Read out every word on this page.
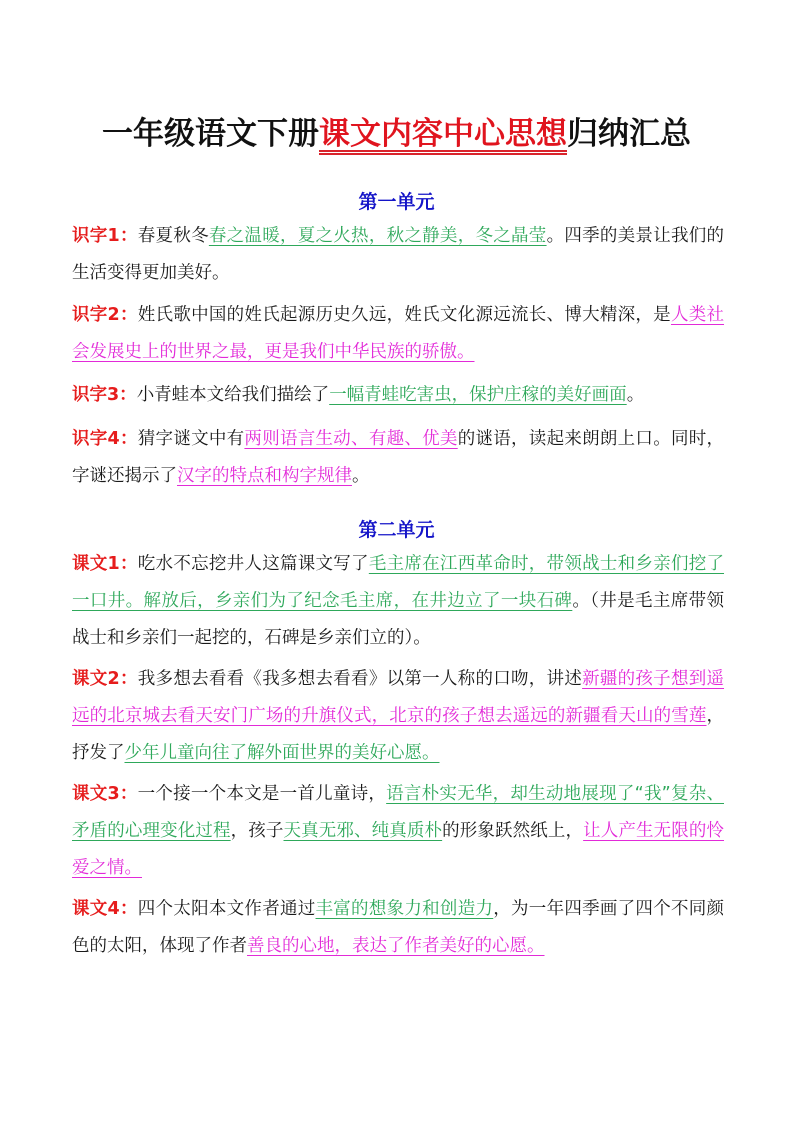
一年级语文下册课文内容中心思想归纳汇总
第一单元
识字1：春夏秋冬春之温暖，夏之火热，秋之静美，冬之晶莹。四季的美景让我们的生活变得更加美好。
识字2：姓氏歌中国的姓氏起源历史久远，姓氏文化源远流长、博大精深，是人类社会发展史上的世界之最，更是我们中华民族的骄傲。
识字3：小青蛙本文给我们描绘了一幅青蛙吃害虫，保护庄稼的美好画面。
识字4：猜字谜文中有两则语言生动、有趣、优美的谜语，读起来朗朗上口。同时，字谜还揭示了汉字的特点和构字规律。
第二单元
课文1：吃水不忘挖井人这篇课文写了毛主席在江西革命时，带领战士和乡亲们挖了一口井。解放后，乡亲们为了纪念毛主席，在井边立了一块石碑。（井是毛主席带领战士和乡亲们一起挖的，石碑是乡亲们立的）。
课文2：我多想去看看《我多想去看看》以第一人称的口吻，讲述新疆的孩子想到遥远的北京城去看天安门广场的升旗仪式，北京的孩子想去遥远的新疆看天山的雪莲，抒发了少年儿童向往了解外面世界的美好心愿。
课文3：一个接一个本文是一首儿童诗，语言朴实无华，却生动地展现了“我”复杂、矛盾的心理变化过程，孩子天真无邪、纯真质朴的形象跃然纸上，让人产生无限的怜爱之情。
课文4：四个太阳本文作者通过丰富的想象力和创造力，为一年四季画了四个不同颜色的太阳，体现了作者善良的心地，表达了作者美好的心愿。
